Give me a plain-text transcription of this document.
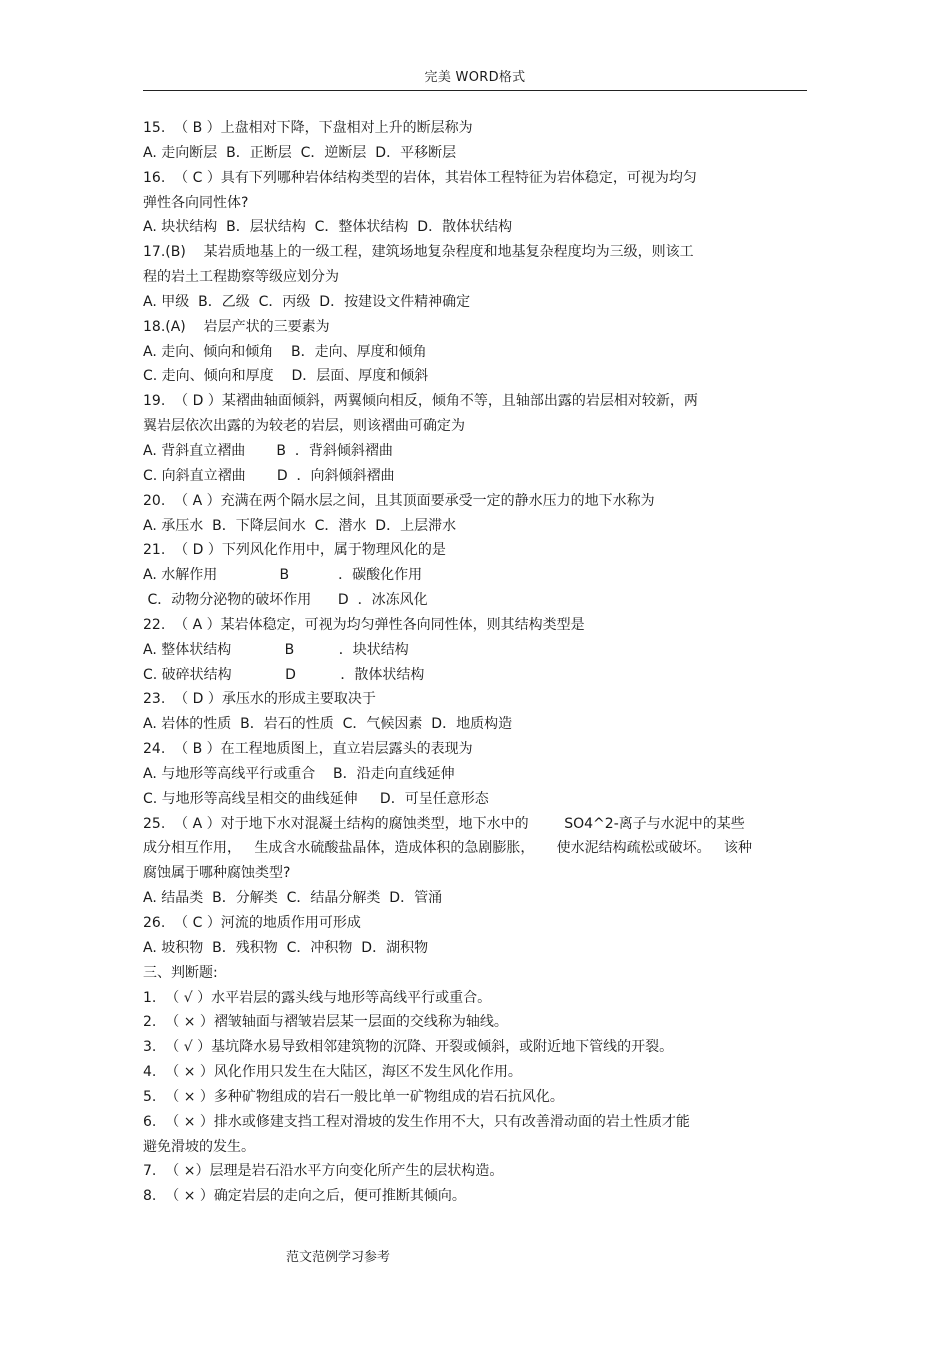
完美 WORD格式
15.  （ B ）上盘相对下降，下盘相对上升的断层称为
A. 走向断层  B．正断层  C．逆断层  D．平移断层
16.  （ C ）具有下列哪种岩体结构类型的岩体，其岩体工程特征为岩体稳定，可视为均匀
弹性各向同性体?
A. 块状结构  B．层状结构  C．整体状结构  D．散体状结构
17.(B)    某岩质地基上的一级工程，建筑场地复杂程度和地基复杂程度均为三级，则该工
程的岩土工程勘察等级应划分为
A. 甲级  B．乙级  C．丙级  D．按建设文件精神确定
18.(A)    岩层产状的三要素为
A. 走向、倾向和倾角    B．走向、厚度和倾角
C. 走向、倾向和厚度    D．层面、厚度和倾斜
19.  （ D ）某褶曲轴面倾斜，两翼倾向相反，倾角不等，且轴部出露的岩层相对较新，两
翼岩层依次出露的为较老的岩层，则该褶曲可确定为
A. 背斜直立褶曲       B  ．背斜倾斜褶曲
C. 向斜直立褶曲       D  ．向斜倾斜褶曲
20.  （ A ）充满在两个隔水层之间，且其顶面要承受一定的静水压力的地下水称为
A. 承压水  B．下降层间水  C．潜水  D．上层滞水
21.  （ D ）下列风化作用中，属于物理风化的是
A. 水解作用              B           ．碳酸化作用
C．动物分泌物的破坏作用      D  ．冰冻风化
22.  （ A ）某岩体稳定，可视为均匀弹性各向同性体，则其结构类型是
A. 整体状结构            B          ．块状结构
C. 破碎状结构            D          ．散体状结构
23.  （ D ）承压水的形成主要取决于
A. 岩体的性质  B．岩石的性质  C．气候因素  D．地质构造
24.  （ B ）在工程地质图上，直立岩层露头的表现为
A. 与地形等高线平行或重合    B．沿走向直线延伸
C. 与地形等高线呈相交的曲线延伸     D．可呈任意形态
25.  （ A ）对于地下水对混凝土结构的腐蚀类型，地下水中的        SO4^2-离子与水泥中的某些
成分相互作用，   生成含水硫酸盐晶体，造成体积的急剧膨胀，     使水泥结构疏松或破坏。   该种
腐蚀属于哪种腐蚀类型?
A. 结晶类  B．分解类  C．结晶分解类  D．管涌
26.  （ C ）河流的地质作用可形成
A. 坡积物  B．残积物  C．冲积物  D．湖积物
三、判断题:
1.  （ √ ）水平岩层的露头线与地形等高线平行或重合。
2.  （ × ）褶皱轴面与褶皱岩层某一层面的交线称为轴线。
3.  （ √ ）基坑降水易导致相邻建筑物的沉降、开裂或倾斜，或附近地下管线的开裂。
4.  （ × ）风化作用只发生在大陆区，海区不发生风化作用。
5.  （ × ）多种矿物组成的岩石一般比单一矿物组成的岩石抗风化。
6.  （ × ）排水或修建支挡工程对滑坡的发生作用不大，只有改善滑动面的岩土性质才能
避免滑坡的发生。
7.  （ ×）层理是岩石沿水平方向变化所产生的层状构造。
8.  （ × ）确定岩层的走向之后，便可推断其倾向。
范文范例学习参考
